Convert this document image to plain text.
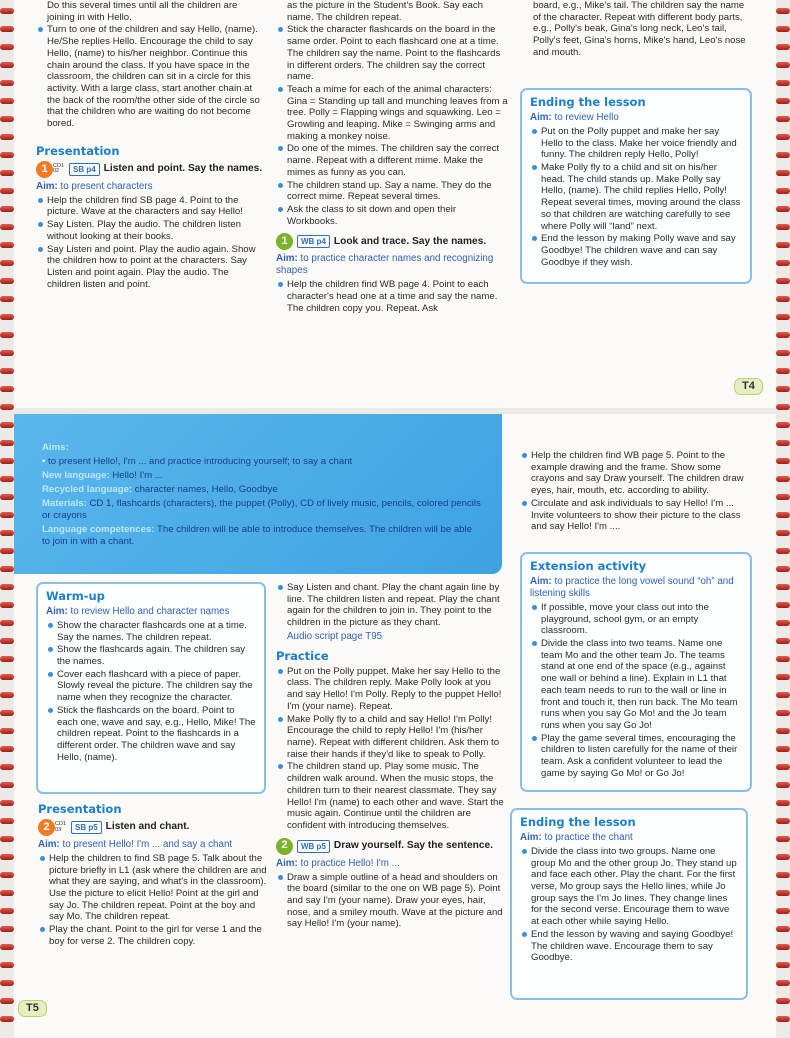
Do this several times until all the children are joining in with Hello.

Turn to one of the children and say Hello, (name). He/She replies Hello. Encourage the child to say Hello, (name) to his/her neighbor. Continue this chain around the class. If you have space in the classroom, the children can sit in a circle for this activity. With a large class, start another chain at the back of the room/the other side of the circle so that the children who are waiting do not become bored.
Presentation
1 CD1 02	SB p4 Listen and point. Say the names.
Aim: to present characters
Help the children find SB page 4. Point to the picture. Wave at the characters and say Hello!
Say Listen. Play the audio. The children listen without looking at their books.
Say Listen and point. Play the audio again. Show the children how to point at the characters. Say Listen and point again. Play the audio. The children listen and point.

as the picture in the Student's Book. Say each name. The children repeat.

Stick the character flashcards on the board in the same order. Point to each flashcard one at a time. The children say the name. Point to the flashcards in different orders. The children say the correct name.
Teach a mime for each of the animal characters: Gina = Standing up tall and munching leaves from a tree. Polly = Flapping wings and squawking. Leo = Growling and leaping. Mike = Swinging arms and making a monkey noise.
Do one of the mimes. The children say the correct name. Repeat with a different mime. Make the mimes as funny as you can.
The children stand up. Say a name. They do the correct mime. Repeat several times.
Ask the class to sit down and open their Workbooks.
1	WB p4 Look and trace. Say the names.
Aim: to practice character names and recognizing shapes
Help the children find WB page 4. Point to each character's head one at a time and say the name. The children copy you. Repeat. Ask

board, e.g., Mike's tail. The children say the name of the character. Repeat with different body parts, e.g., Polly's beak, Gina's long neck, Leo's tail, Polly's feet, Gina's horns, Mike's hand, Leo's nose and mouth.

Ending the lesson
Aim: to review Hello
Put on the Polly puppet and make her say Hello to the class. Make her voice friendly and funny. The children reply Hello, Polly!
Make Polly fly to a child and sit on his/her head. The child stands up. Make Polly say Hello, (name). The child replies Hello, Polly! Repeat several times, moving around the class so that children are watching carefully to see where Polly will “land” next.
End the lesson by making Polly wave and say Goodbye! The children wave and can say Goodbye if they wish.
T4
Aims:
• to present Hello!, I'm ... and practice introducing yourself; to say a chant
New language: Hello! I'm ...
Recycled language: character names, Hello, Goodbye
Materials: CD 1, flashcards (characters), the puppet (Polly), CD of lively music, pencils, colored pencils or crayons
Language competences: The children will be able to introduce themselves. The children will be able to join in with a chant.
Warm-up
Aim: to review Hello and character names
Show the character flashcards one at a time. Say the names. The children repeat.
Show the flashcards again. The children say the names.
Cover each flashcard with a piece of paper. Slowly reveal the picture. The children say the name when they recognize the character.
Stick the flashcards on the board. Point to each one, wave and say, e.g., Hello, Mike! The children repeat. Point to the flashcards in a different order. The children wave and say Hello, (name).
Presentation
2 CD1 03	SB p5 Listen and chant.
Aim: to present Hello! I'm ... and say a chant
Help the children to find SB page 5. Talk about the picture briefly in L1 (ask where the children are and what they are saying, and what's in the classroom). Use the picture to elicit Hello! Point at the girl and say Jo. The children repeat. Point at the boy and say Mo. The children repeat.
Play the chant. Point to the girl for verse 1 and the boy for verse 2. The children copy.
Say Listen and chant. Play the chant again line by line. The children listen and repeat. Play the chant again for the children to join in. They point to the children in the picture as they chant.
Audio script page T95
Practice
Put on the Polly puppet. Make her say Hello to the class. The children reply. Make Polly look at you and say Hello! I'm Polly. Reply to the puppet Hello! I'm (your name). Repeat.
Make Polly fly to a child and say Hello! I'm Polly! Encourage the child to reply Hello! I'm (his/her name). Repeat with different children. Ask them to raise their hands if they'd like to speak to Polly.
The children stand up. Play some music. The children walk around. When the music stops, the children turn to their nearest classmate. They say Hello! I'm (name) to each other and wave. Start the music again. Continue until the children are confident with introducing themselves.
2	WB p5 Draw yourself. Say the sentence.
Aim: to practice Hello! I'm ...
Draw a simple outline of a head and shoulders on the board (similar to the one on WB page 5). Point and say I'm (your name). Draw your eyes, hair, nose, and a smiley mouth. Wave at the picture and say Hello! I'm (your name).
Help the children find WB page 5. Point to the example drawing and the frame. Show some crayons and say Draw yourself. The children draw eyes, hair, mouth, etc. according to ability.
Circulate and ask individuals to say Hello! I'm ... Invite volunteers to show their picture to the class and say Hello! I'm ....
Extension activity
Aim: to practice the long vowel sound “oh” and listening skills
If possible, move your class out into the playground, school gym, or an empty classroom.
Divide the class into two teams. Name one team Mo and the other team Jo. The teams stand at one end of the space (e.g., against one wall or behind a line). Explain in L1 that each team needs to run to the wall or line in front and touch it, then run back. The Mo team runs when you say Go Mo! and the Jo team runs when you say Go Jo!
Play the game several times, encouraging the children to listen carefully for the name of their team. Ask a confident volunteer to lead the game by saying Go Mo! or Go Jo!
Ending the lesson
Aim: to practice the chant
Divide the class into two groups. Name one group Mo and the other group Jo. They stand up and face each other. Play the chant. For the first verse, Mo group says the Hello lines, while Jo group says the I'm Jo lines. They change lines for the second verse. Encourage them to wave at each other while saying Hello.
End the lesson by waving and saying Goodbye! The children wave. Encourage them to say Goodbye.
T5
